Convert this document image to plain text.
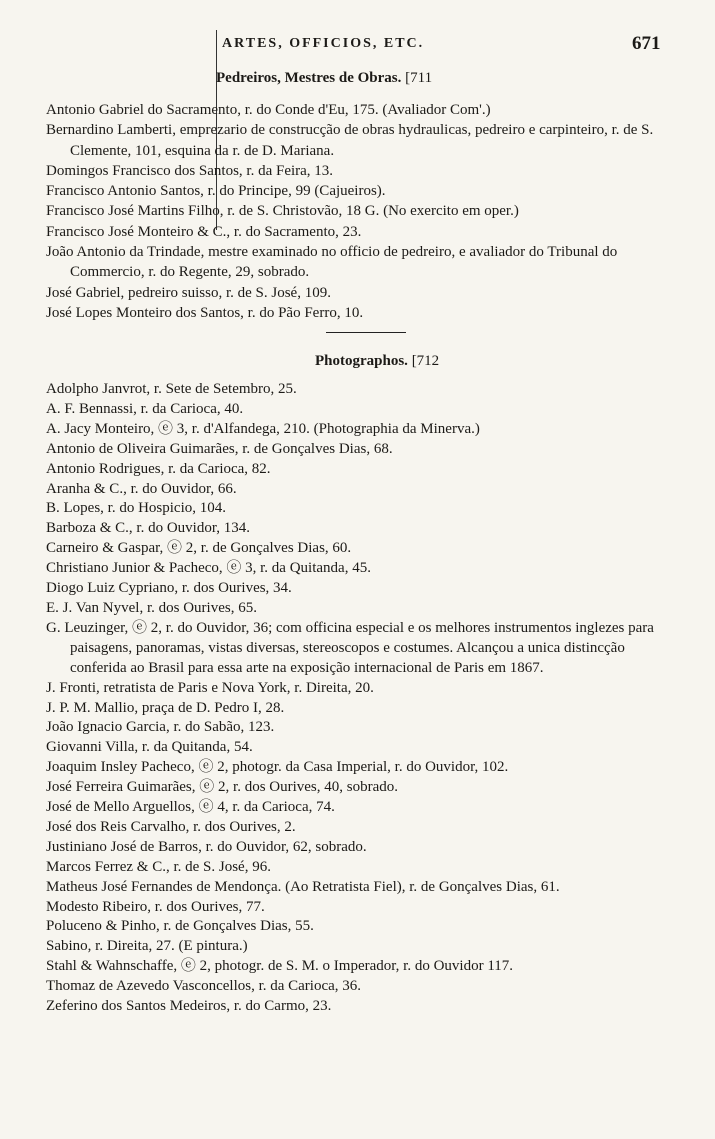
ARTES, OFFICIOS, ETC.	671
Pedreiros, Mestres de Obras. [711
Antonio Gabriel do Sacramento, r. do Conde d'Eu, 175. (Avaliador Com'.)
Bernardino Lamberti, emprezario de construcção de obras hydraulicas, pedreiro e carpinteiro, r. de S. Clemente, 101, esquina da r. de D. Mariana.
Domingos Francisco dos Santos, r. da Feira, 13.
Francisco Antonio Santos, r. do Principe, 99 (Cajueiros).
Francisco José Martins Filho, r. de S. Christovão, 18 G. (No exercito em oper.)
Francisco José Monteiro & C., r. do Sacramento, 23.
João Antonio da Trindade, mestre examinado no officio de pedreiro, e avaliador do Tribunal do Commercio, r. do Regente, 29, sobrado.
José Gabriel, pedreiro suisso, r. de S. José, 109.
José Lopes Monteiro dos Santos, r. do Pão Ferro, 10.
Photographos. [712
Adolpho Janvrot, r. Sete de Setembro, 25.
A. F. Bennassi, r. da Carioca, 40.
A. Jacy Monteiro, ⓔ 3, r. d'Alfandega, 210. (Photographia da Minerva.)
Antonio de Oliveira Guimarães, r. de Gonçalves Dias, 68.
Antonio Rodrigues, r. da Carioca, 82.
Aranha & C., r. do Ouvidor, 66.
B. Lopes, r. do Hospicio, 104.
Barboza & C., r. do Ouvidor, 134.
Carneiro & Gaspar, ⓔ 2, r. de Gonçalves Dias, 60.
Christiano Junior & Pacheco, ⓔ 3, r. da Quitanda, 45.
Diogo Luiz Cypriano, r. dos Ourives, 34.
E. J. Van Nyvel, r. dos Ourives, 65.
G. Leuzinger, ⓔ 2, r. do Ouvidor, 36; com officina especial e os melhores instrumentos inglezes para paisagens, panoramas, vistas diversas, stereoscopos e costumes. Alcançou a unica distincção conferida ao Brasil para essa arte na exposição internacional de Paris em 1867.
J. Fronti, retratista de Paris e Nova York, r. Direita, 20.
J. P. M. Mallio, praça de D. Pedro I, 28.
João Ignacio Garcia, r. do Sabão, 123.
Giovanni Villa, r. da Quitanda, 54.
Joaquim Insley Pacheco, ⓔ 2, photogr. da Casa Imperial, r. do Ouvidor, 102.
José Ferreira Guimarães, ⓔ 2, r. dos Ourives, 40, sobrado.
José de Mello Arguellos, ⓔ 4, r. da Carioca, 74.
José dos Reis Carvalho, r. dos Ourives, 2.
Justiniano José de Barros, r. do Ouvidor, 62, sobrado.
Marcos Ferrez & C., r. de S. José, 96.
Matheus José Fernandes de Mendonça. (Ao Retratista Fiel), r. de Gonçalves Dias, 61.
Modesto Ribeiro, r. dos Ourives, 77.
Poluceno & Pinho, r. de Gonçalves Dias, 55.
Sabino, r. Direita, 27. (E pintura.)
Stahl & Wahnschaffe, ⓔ 2, photogr. de S. M. o Imperador, r. do Ouvidor 117.
Thomaz de Azevedo Vasconcellos, r. da Carioca, 36.
Zeferino dos Santos Medeiros, r. do Carmo, 23.
